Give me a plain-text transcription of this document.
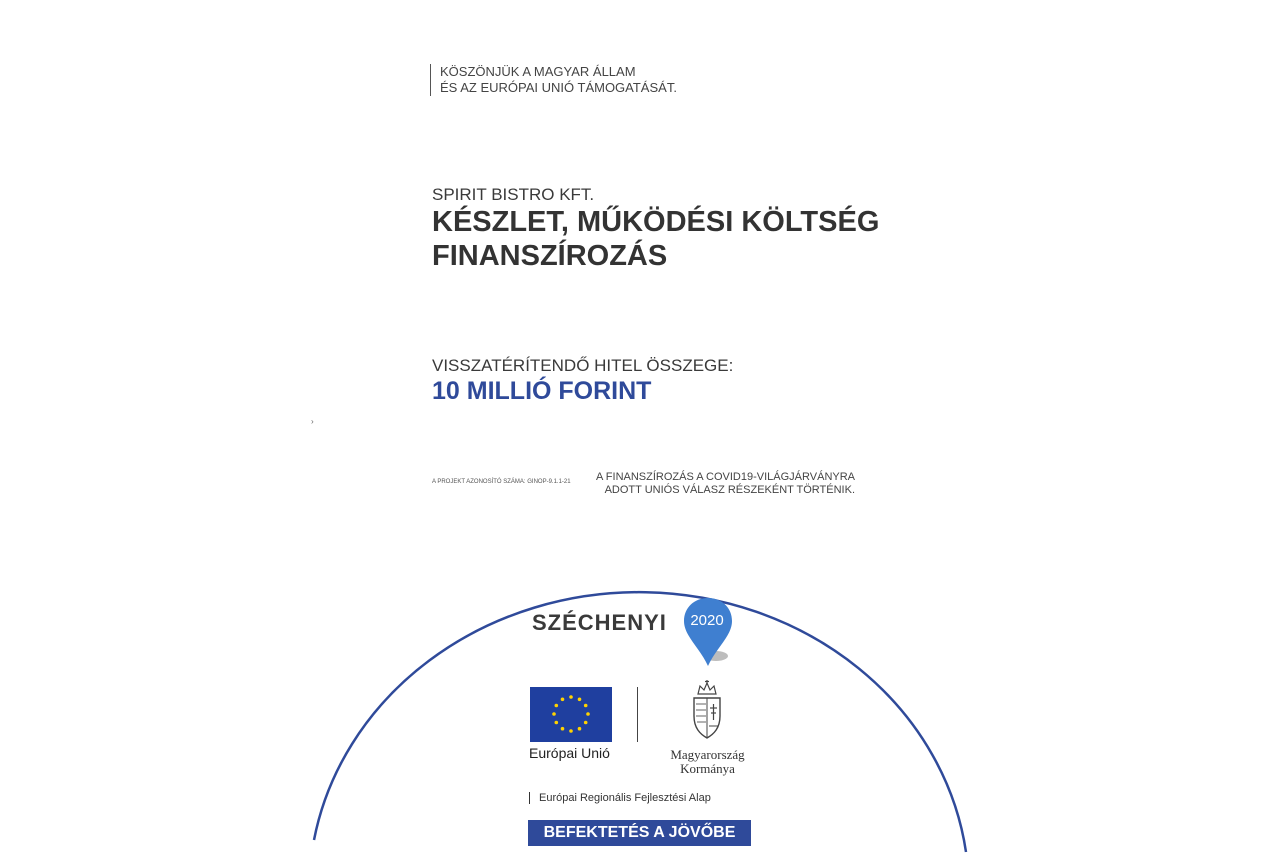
KÖSZÖNJÜK A MAGYAR ÁLLAM
ÉS AZ EURÓPAI UNIÓ TÁMOGATÁSÁT.
SPIRIT BISTRO KFT.
KÉSZLET, MŰKÖDÉSI KÖLTSÉG
FINANSZÍROZÁS
VISSZATÉRÍTENDŐ HITEL ÖSSZEGE:
10 MILLIÓ FORINT
›
A PROJEKT AZONOSÍTÓ SZÁMA: GINOP-9.1.1-21	A FINANSZÍROZÁS A COVID19-VILÁGJÁRVÁNYRA
ADOTT UNIÓS VÁLASZ RÉSZEKÉNT TÖRTÉNIK.
SZÉCHENYI	2020
Európai Unió	Magyarország
Kormánya
Európai Regionális Fejlesztési Alap
BEFEKTETÉS A JÖVŐBE
